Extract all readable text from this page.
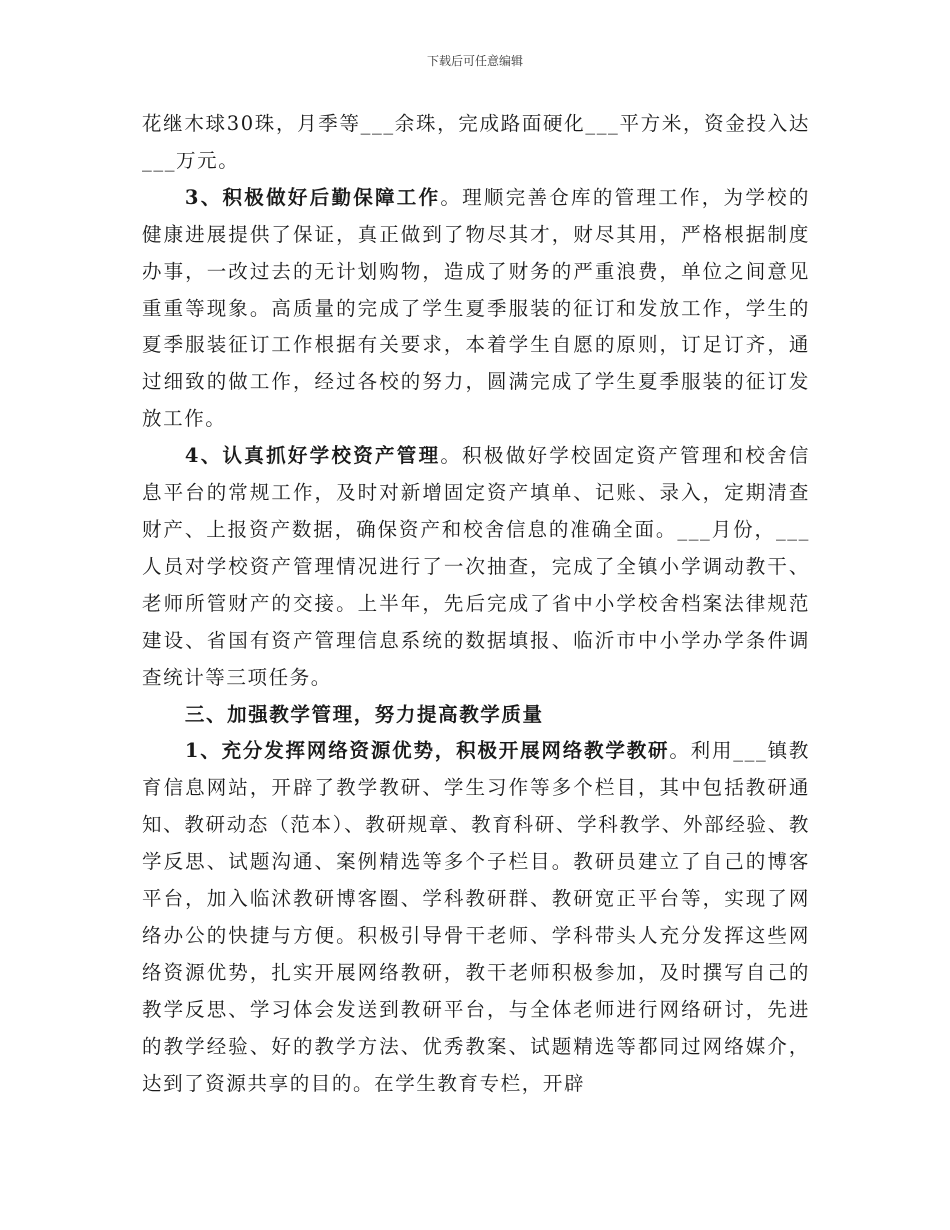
下载后可任意编辑

花继木球30珠，月季等___余珠，完成路面硬化___平方米，资金投入达___万元。

3、积极做好后勤保障工作。理顺完善仓库的管理工作，为学校的健康进展提供了保证，真正做到了物尽其才，财尽其用，严格根据制度办事，一改过去的无计划购物，造成了财务的严重浪费，单位之间意见重重等现象。高质量的完成了学生夏季服装的征订和发放工作，学生的夏季服装征订工作根据有关要求，本着学生自愿的原则，订足订齐，通过细致的做工作，经过各校的努力，圆满完成了学生夏季服装的征订发放工作。

4、认真抓好学校资产管理。积极做好学校固定资产管理和校舍信息平台的常规工作，及时对新增固定资产填单、记账、录入，定期清查财产、上报资产数据，确保资产和校舍信息的准确全面。___月份，___人员对学校资产管理情况进行了一次抽查，完成了全镇小学调动教干、老师所管财产的交接。上半年，先后完成了省中小学校舍档案法律规范建设、省国有资产管理信息系统的数据填报、临沂市中小学办学条件调查统计等三项任务。

三、加强教学管理，努力提高教学质量

1、充分发挥网络资源优势，积极开展网络教学教研。利用___镇教育信息网站，开辟了教学教研、学生习作等多个栏目，其中包括教研通知、教研动态（范本）、教研规章、教育科研、学科教学、外部经验、教学反思、试题沟通、案例精选等多个子栏目。教研员建立了自己的博客平台，加入临沭教研博客圈、学科教研群、教研宽正平台等，实现了网络办公的快捷与方便。积极引导骨干老师、学科带头人充分发挥这些网络资源优势，扎实开展网络教研，教干老师积极参加，及时撰写自己的教学反思、学习体会发送到教研平台，与全体老师进行网络研讨，先进的教学经验、好的教学方法、优秀教案、试题精选等都同过网络媒介，达到了资源共享的目的。在学生教育专栏，开辟
